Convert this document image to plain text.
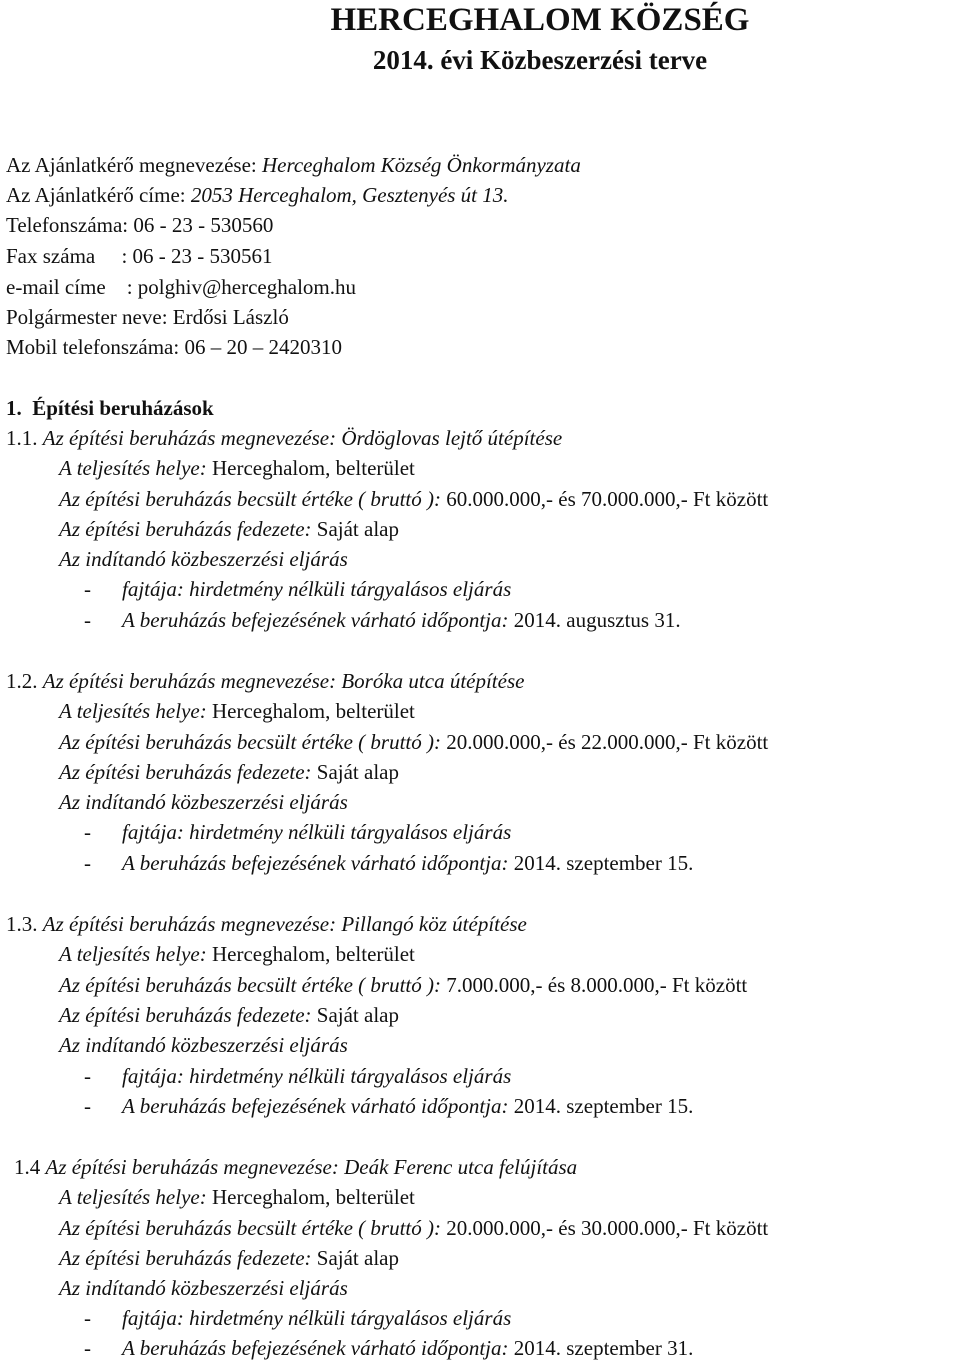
HERCEGHALOM KÖZSÉG
2014. évi Közbeszerzési terve
Az Ajánlatkérő megnevezése: Herceghalom Község Önkormányzata
Az Ajánlatkérő címe: 2053 Herceghalom, Gesztenyés út 13.
Telefonszáma: 06 - 23 - 530560
Fax száma     : 06 - 23 - 530561
e-mail címe    : polghiv@herceghalom.hu
Polgármester neve: Erdősi László
Mobil telefonszáma: 06 – 20 – 2420310
1.  Építési beruházások
1.1. Az építési beruházás megnevezése: Ördöglovas lejtő útépítése
A teljesítés helye: Herceghalom, belterület
Az építési beruházás becsült értéke ( bruttó ): 60.000.000,- és 70.000.000,- Ft között
Az építési beruházás fedezete: Saját alap
Az indítandó közbeszerzési eljárás
- fajtája: hirdetmény nélküli tárgyalásos eljárás
- A beruházás befejezésének várható időpontja: 2014. augusztus 31.
1.2. Az építési beruházás megnevezése: Boróka utca útépítése
A teljesítés helye: Herceghalom, belterület
Az építési beruházás becsült értéke ( bruttó ): 20.000.000,- és 22.000.000,- Ft között
Az építési beruházás fedezete: Saját alap
Az indítandó közbeszerzési eljárás
- fajtája: hirdetmény nélküli tárgyalásos eljárás
- A beruházás befejezésének várható időpontja: 2014. szeptember 15.
1.3. Az építési beruházás megnevezése: Pillangó köz útépítése
A teljesítés helye: Herceghalom, belterület
Az építési beruházás becsült értéke ( bruttó ): 7.000.000,- és 8.000.000,- Ft között
Az építési beruházás fedezete: Saját alap
Az indítandó közbeszerzési eljárás
- fajtája: hirdetmény nélküli tárgyalásos eljárás
- A beruházás befejezésének várható időpontja: 2014. szeptember 15.
1.4 Az építési beruházás megnevezése: Deák Ferenc utca felújítása
A teljesítés helye: Herceghalom, belterület
Az építési beruházás becsült értéke ( bruttó ): 20.000.000,- és 30.000.000,- Ft között
Az építési beruházás fedezete: Saját alap
Az indítandó közbeszerzési eljárás
- fajtája: hirdetmény nélküli tárgyalásos eljárás
- A beruházás befejezésének várható időpontja: 2014. szeptember 31.
